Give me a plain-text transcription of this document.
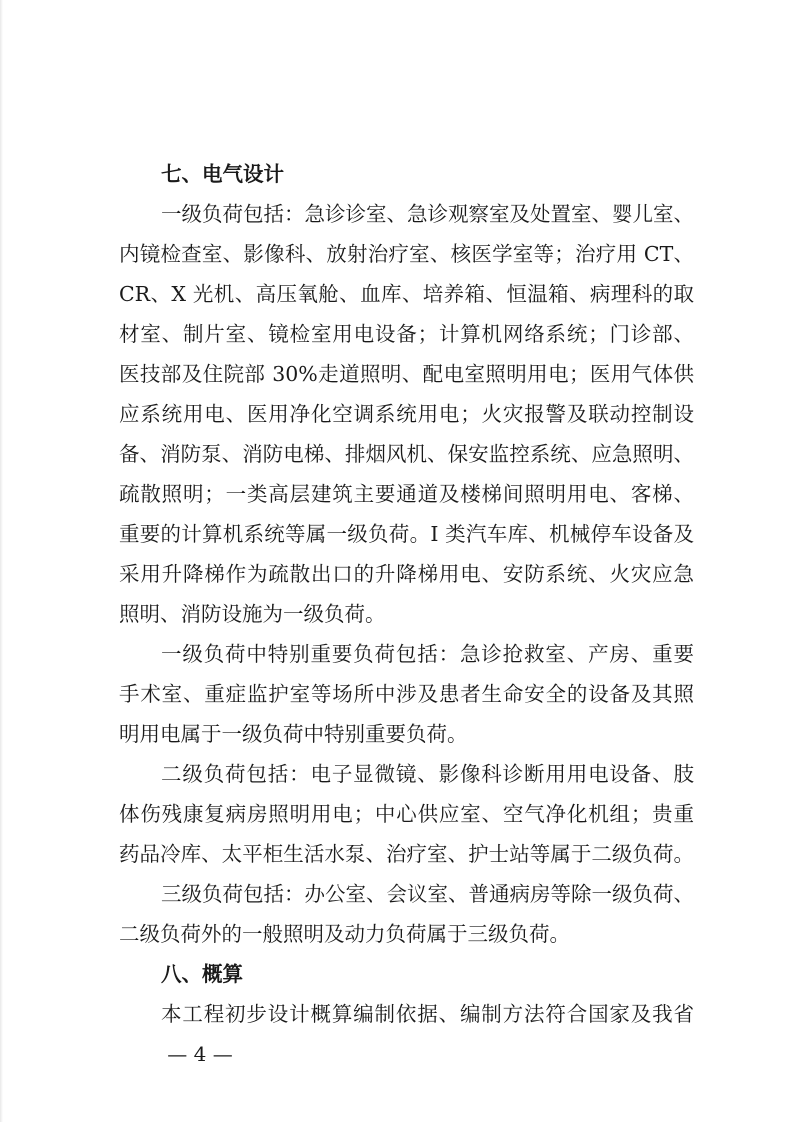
七、电气设计
一级负荷包括：急诊诊室、急诊观察室及处置室、婴儿室、
内镜检查室、影像科、放射治疗室、核医学室等；治疗用 CT、
CR、X 光机、高压氧舱、血库、培养箱、恒温箱、病理科的取
材室、制片室、镜检室用电设备；计算机网络系统；门诊部、
医技部及住院部 30%走道照明、配电室照明用电；医用气体供
应系统用电、医用净化空调系统用电；火灾报警及联动控制设
备、消防泵、消防电梯、排烟风机、保安监控系统、应急照明、
疏散照明；一类高层建筑主要通道及楼梯间照明用电、客梯、
重要的计算机系统等属一级负荷。I 类汽车库、机械停车设备及
采用升降梯作为疏散出口的升降梯用电、安防系统、火灾应急
照明、消防设施为一级负荷。
一级负荷中特别重要负荷包括：急诊抢救室、产房、重要
手术室、重症监护室等场所中涉及患者生命安全的设备及其照
明用电属于一级负荷中特别重要负荷。
二级负荷包括：电子显微镜、影像科诊断用用电设备、肢
体伤残康复病房照明用电；中心供应室、空气净化机组；贵重
药品冷库、太平柜生活水泵、治疗室、护士站等属于二级负荷。
三级负荷包括：办公室、会议室、普通病房等除一级负荷、
二级负荷外的一般照明及动力负荷属于三级负荷。
八、概算
本工程初步设计概算编制依据、编制方法符合国家及我省
— 4 —
